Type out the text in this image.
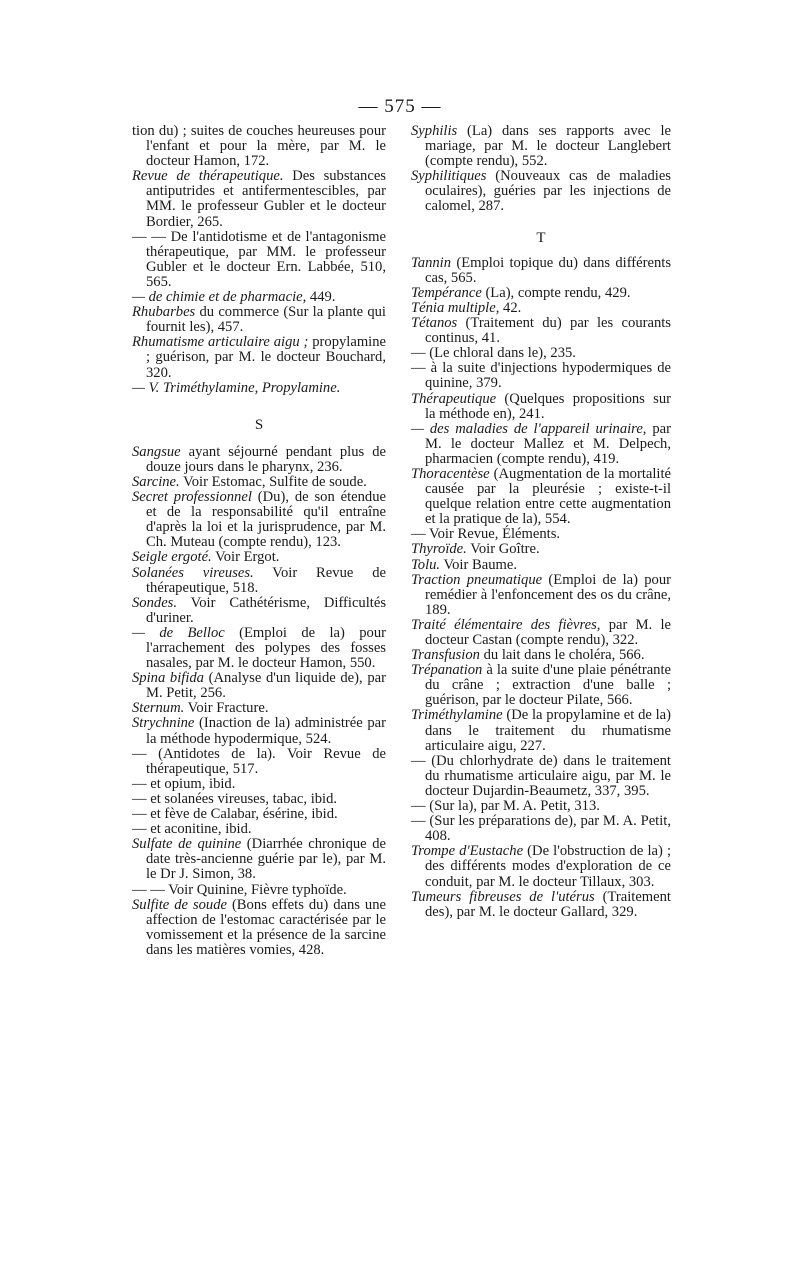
— 575 —

tion du) ; suites de couches heureuses pour l'enfant et pour la mère, par M. le docteur Hamon, 172.

Revue de thérapeutique. Des substances antiputrides et antifermentescibles, par MM. le professeur Gubler et le docteur Bordier, 265.

— — De l'antidotisme et de l'antagonisme thérapeutique, par MM. le professeur Gubler et le docteur Ern. Labbée, 510, 565.

— de chimie et de pharmacie, 449.

Rhubarbes du commerce (Sur la plante qui fournit les), 457.

Rhumatisme articulaire aigu ; propylamine ; guérison, par M. le docteur Bouchard, 320.

— V. Triméthylamine, Propylamine.

S

Sangsue ayant séjourné pendant plus de douze jours dans le pharynx, 236.

Sarcine. Voir Estomac, Sulfite de soude.

Secret professionnel (Du), de son étendue et de la responsabilité qu'il entraîne d'après la loi et la jurisprudence, par M. Ch. Muteau (compte rendu), 123.

Seigle ergoté. Voir Ergot.

Solanées vireuses. Voir Revue de thérapeutique, 518.

Sondes. Voir Cathétérisme, Difficultés d'uriner.

— de Belloc (Emploi de la) pour l'arrachement des polypes des fosses nasales, par M. le docteur Hamon, 550.

Spina bifida (Analyse d'un liquide de), par M. Petit, 256.

Sternum. Voir Fracture.

Strychnine (Inaction de la) administrée par la méthode hypodermique, 524.

— (Antidotes de la). Voir Revue de thérapeutique, 517.

— et opium, ibid.

— et solanées vireuses, tabac, ibid.

— et fève de Calabar, ésérine, ibid.

— et aconitine, ibid.

Sulfate de quinine (Diarrhée chronique de date très-ancienne guérie par le), par M. le Dr J. Simon, 38.

— — Voir Quinine, Fièvre typhoïde.

Sulfite de soude (Bons effets du) dans une affection de l'estomac caractérisée par le vomissement et la présence de la sarcine dans les matières vomies, 428.

Syphilis (La) dans ses rapports avec le mariage, par M. le docteur Langlebert (compte rendu), 552.

Syphilitiques (Nouveaux cas de maladies oculaires), guéries par les injections de calomel, 287.

T

Tannin (Emploi topique du) dans différents cas, 565.

Tempérance (La), compte rendu, 429.

Ténia multiple, 42.

Tétanos (Traitement du) par les courants continus, 41.

— (Le chloral dans le), 235.

— à la suite d'injections hypodermiques de quinine, 379.

Thérapeutique (Quelques propositions sur la méthode en), 241.

— des maladies de l'appareil urinaire, par M. le docteur Mallez et M. Delpech, pharmacien (compte rendu), 419.

Thoracentèse (Augmentation de la mortalité causée par la pleurésie ; existe-t-il quelque relation entre cette augmentation et la pratique de la), 554.

— Voir Revue, Éléments.

Thyroïde. Voir Goître.

Tolu. Voir Baume.

Traction pneumatique (Emploi de la) pour remédier à l'enfoncement des os du crâne, 189.

Traité élémentaire des fièvres, par M. le docteur Castan (compte rendu), 322.

Transfusion du lait dans le choléra, 566.

Trépanation à la suite d'une plaie pénétrante du crâne ; extraction d'une balle ; guérison, par le docteur Pilate, 566.

Triméthylamine (De la propylamine et de la) dans le traitement du rhumatisme articulaire aigu, 227.

— (Du chlorhydrate de) dans le traitement du rhumatisme articulaire aigu, par M. le docteur Dujardin-Beaumetz, 337, 395.

— (Sur la), par M. A. Petit, 313.

— (Sur les préparations de), par M. A. Petit, 408.

Trompe d'Eustache (De l'obstruction de la) ; des différents modes d'exploration de ce conduit, par M. le docteur Tillaux, 303.

Tumeurs fibreuses de l'utérus (Traitement des), par M. le docteur Gallard, 329.
